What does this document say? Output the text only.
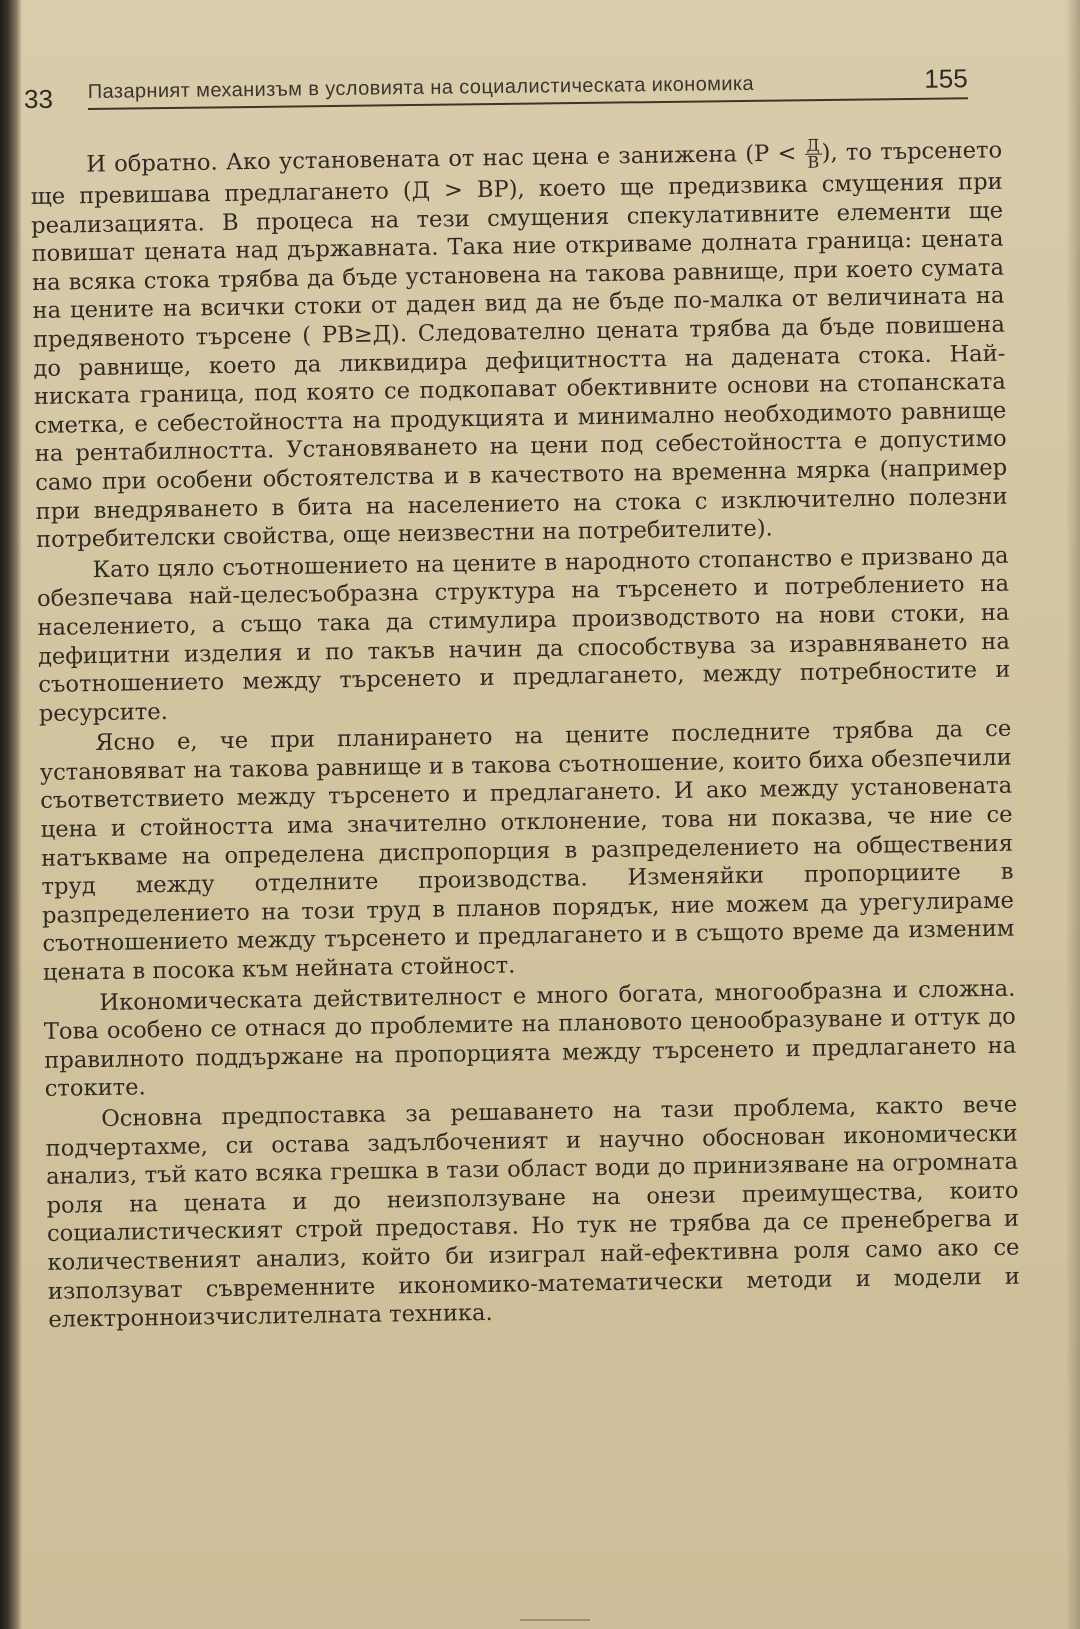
33 Пазарният механизъм в условията на социалистическата икономика	155

И обратно. Ако установената от нас цена е занижена ($Р < \frac{Д}{В}$ ), то търсенето ще превишава предлагането (Д > ВР), което ще предизвика смущения при реализацията. В процеса на тези смущения спекулативните елементи ще повишат цената над държавната. Така ние откриваме долната граница: цената на всяка стока трябва да бъде установена на такова равнище, при което сумата на цените на всички стоки от даден вид да не бъде по-малка от величината на предявеното търсене ( РВ≥Д). Следователно цената трябва да бъде повишена до равнище, което да ликвидира дефицитността на дадената стока. Най-ниската граница, под която се подкопават обективните основи на стопанската сметка, е себестойността на продукцията и минимално необходимото равнище на рентабилността. Установяването на цени под себестойността е допустимо само при особени обстоятелства и в качеството на временна мярка (например при внедряването в бита на населението на стока с изключително полезни потребителски свойства, още неизвестни на потребителите).

Като цяло съотношението на цените в народното стопанство е призвано да обезпечава най-целесъобразна структура на търсенето и потреблението на населението, а също така да стимулира производството на нови стоки, на дефицитни изделия и по такъв начин да способствува за изравняването на съотношението между търсенето и предлагането, между потребностите и ресурсите.

Ясно е, че при планирането на цените последните трябва да се установяват на такова равнище и в такова съотношение, които биха обезпечили съответствието между търсенето и предлагането. И ако между установената цена и стойността има значително отклонение, това ни показва, че ние се натъкваме на определена диспропорция в разпределението на обществения труд между отделните производства. Изменяйки пропорциите в разпределението на този труд в планов порядък, ние можем да урегулираме съотношението между търсенето и предлагането и в същото време да изменим цената в посока към нейната стойност.

Икономическата действителност е много богата, многообразна и сложна. Това особено се отнася до проблемите на плановото ценообразуване и оттук до правилното поддържане на пропорцията между търсенето и предлагането на стоките.

Основна предпоставка за решаването на тази проблема, както вече подчертахме, си остава задълбоченият и научно обоснован икономически анализ, тъй като всяка грешка в тази област води до принизяване на огромната роля на цената и до неизползуване на онези преимущества, които социалистическият строй предоставя. Но тук не трябва да се пренебрегва и количественият анализ, който би изиграл най-ефективна роля само ако се използуват съвременните икономико-математически методи и модели и електронноизчислителната техника.
